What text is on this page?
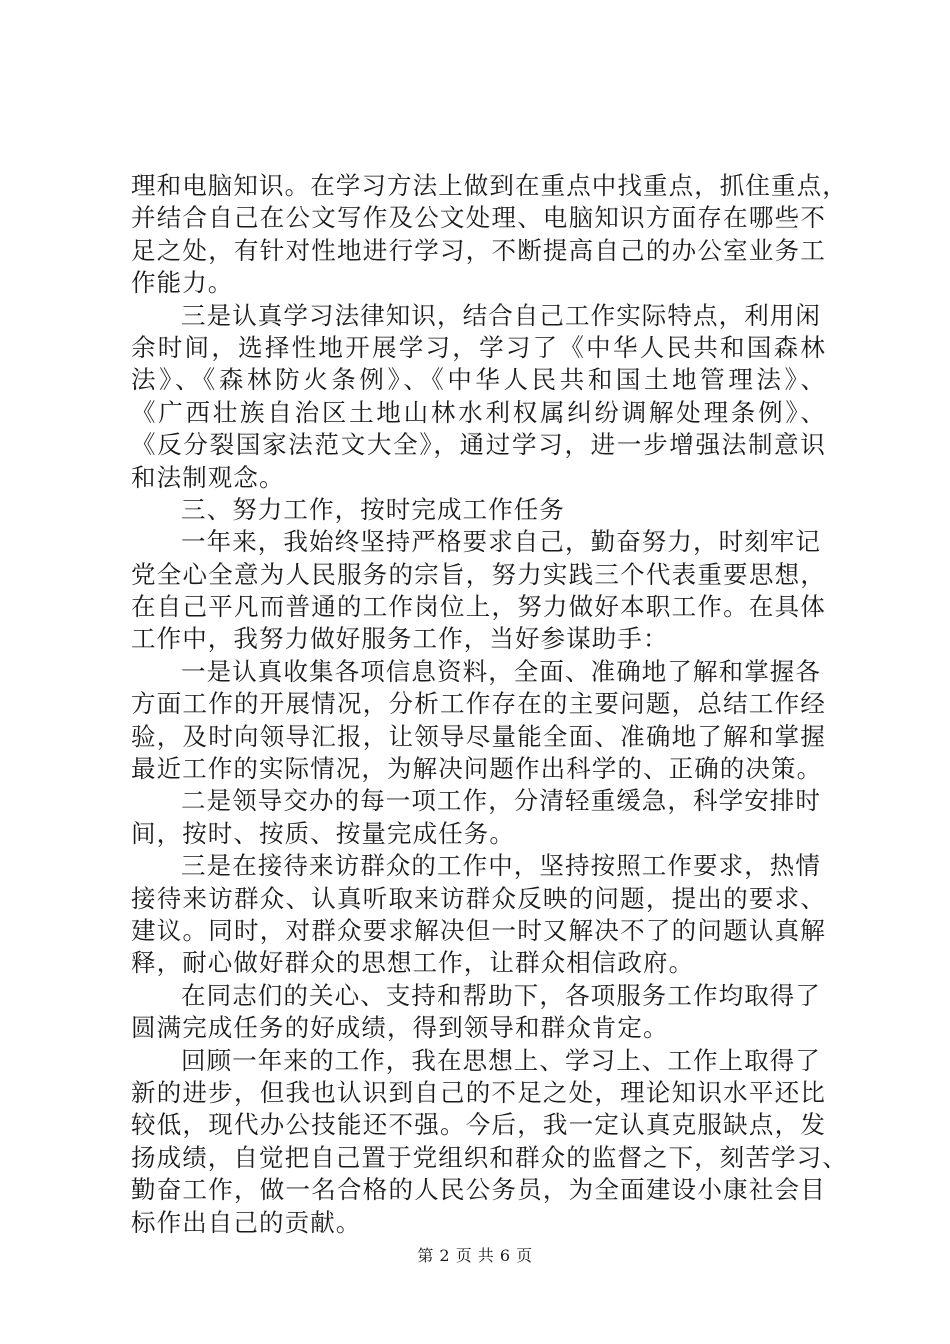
理和电脑知识。在学习方法上做到在重点中找重点，抓住重点，
并结合自己在公文写作及公文处理、电脑知识方面存在哪些不
足之处，有针对性地进行学习，不断提高自己的办公室业务工
作能力。
三是认真学习法律知识，结合自己工作实际特点，利用闲
余时间，选择性地开展学习，学习了《中华人民共和国森林
法》、《森林防火条例》、《中华人民共和国土地管理法》、
《广西壮族自治区土地山林水利权属纠纷调解处理条例》、
《反分裂国家法范文大全》，通过学习，进一步增强法制意识
和法制观念。
三、努力工作，按时完成工作任务
一年来，我始终坚持严格要求自己，勤奋努力，时刻牢记
党全心全意为人民服务的宗旨，努力实践三个代表重要思想，
在自己平凡而普通的工作岗位上，努力做好本职工作。在具体
工作中，我努力做好服务工作，当好参谋助手：
一是认真收集各项信息资料，全面、准确地了解和掌握各
方面工作的开展情况，分析工作存在的主要问题，总结工作经
验，及时向领导汇报，让领导尽量能全面、准确地了解和掌握
最近工作的实际情况，为解决问题作出科学的、正确的决策。
二是领导交办的每一项工作，分清轻重缓急，科学安排时
间，按时、按质、按量完成任务。
三是在接待来访群众的工作中，坚持按照工作要求，热情
接待来访群众、认真听取来访群众反映的问题，提出的要求、
建议。同时，对群众要求解决但一时又解决不了的问题认真解
释，耐心做好群众的思想工作，让群众相信政府。
在同志们的关心、支持和帮助下，各项服务工作均取得了
圆满完成任务的好成绩，得到领导和群众肯定。
回顾一年来的工作，我在思想上、学习上、工作上取得了
新的进步，但我也认识到自己的不足之处，理论知识水平还比
较低，现代办公技能还不强。今后，我一定认真克服缺点，发
扬成绩，自觉把自己置于党组织和群众的监督之下，刻苦学习、
勤奋工作，做一名合格的人民公务员，为全面建设小康社会目
标作出自己的贡献。
第 2 页 共 6 页
